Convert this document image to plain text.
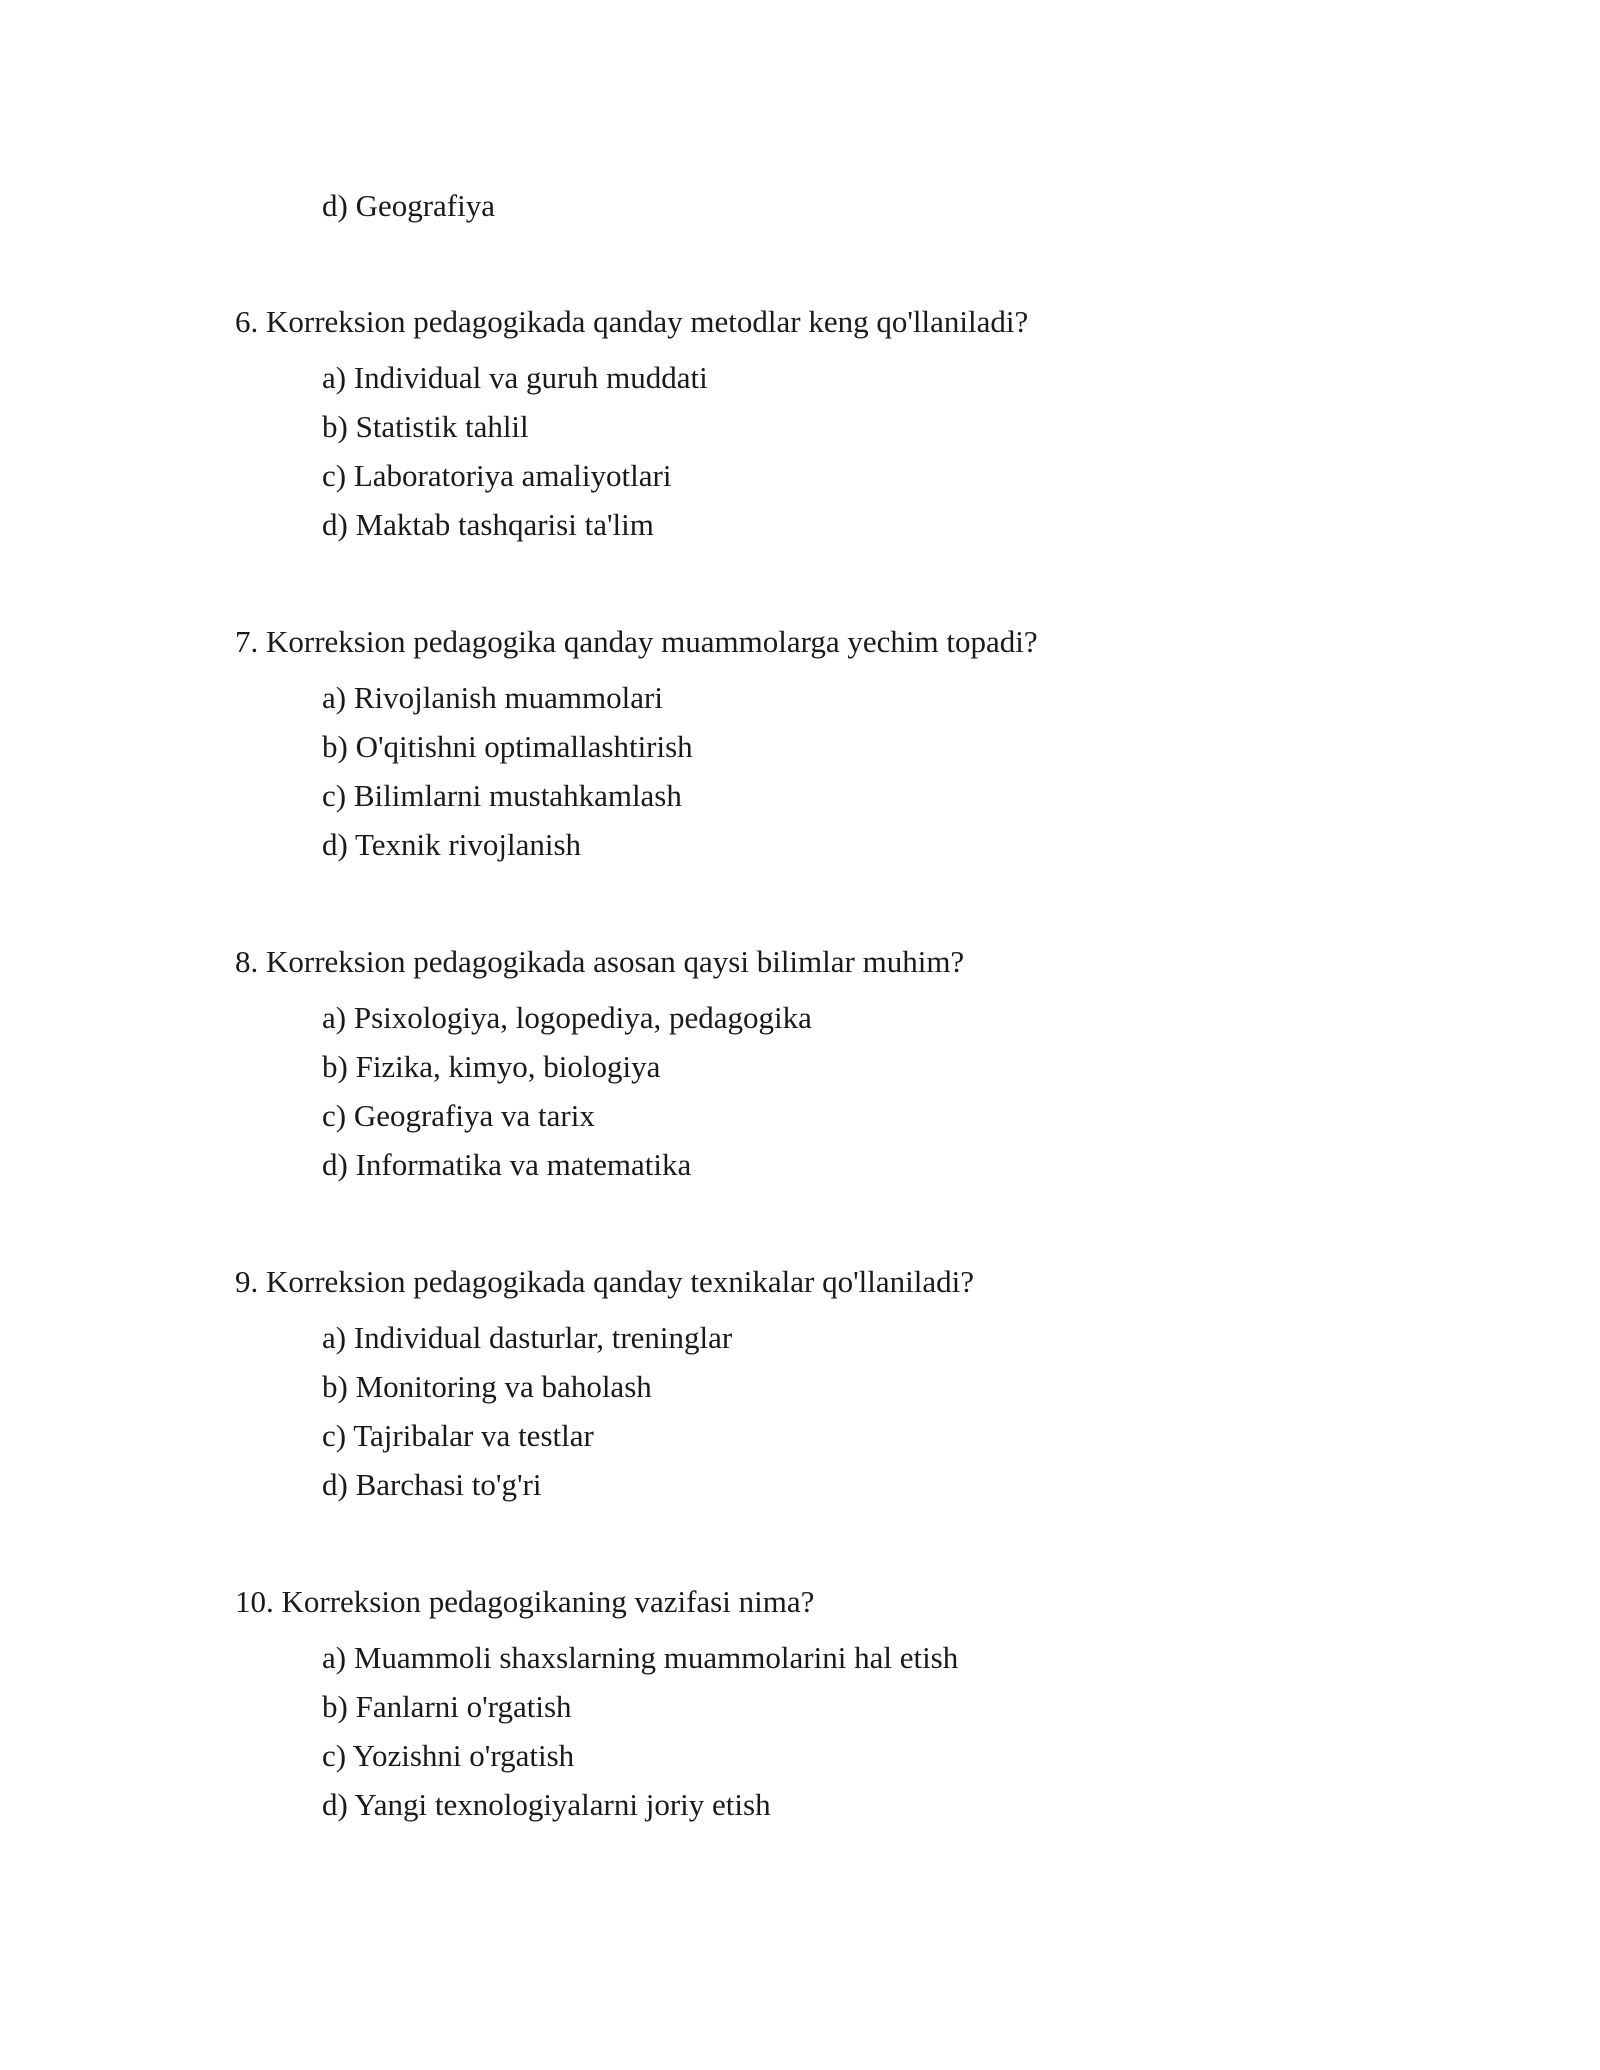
d) Geografiya

6. Korreksion pedagogikada qanday metodlar keng qo'llaniladi?

a) Individual va guruh muddati

b) Statistik tahlil

c) Laboratoriya amaliyotlari

d) Maktab tashqarisi ta'lim

7. Korreksion pedagogika qanday muammolarga yechim topadi?

a) Rivojlanish muammolari

b) O'qitishni optimallashtirish

c) Bilimlarni mustahkamlash

d) Texnik rivojlanish

8. Korreksion pedagogikada asosan qaysi bilimlar muhim?

a) Psixologiya, logopediya, pedagogika

b) Fizika, kimyo, biologiya

c) Geografiya va tarix

d) Informatika va matematika

9. Korreksion pedagogikada qanday texnikalar qo'llaniladi?

a) Individual dasturlar, treninglar

b) Monitoring va baholash

c) Tajribalar va testlar

d) Barchasi to'g'ri

10. Korreksion pedagogikaning vazifasi nima?

a) Muammoli shaxslarning muammolarini hal etish

b) Fanlarni o'rgatish

c) Yozishni o'rgatish

d) Yangi texnologiyalarni joriy etish
